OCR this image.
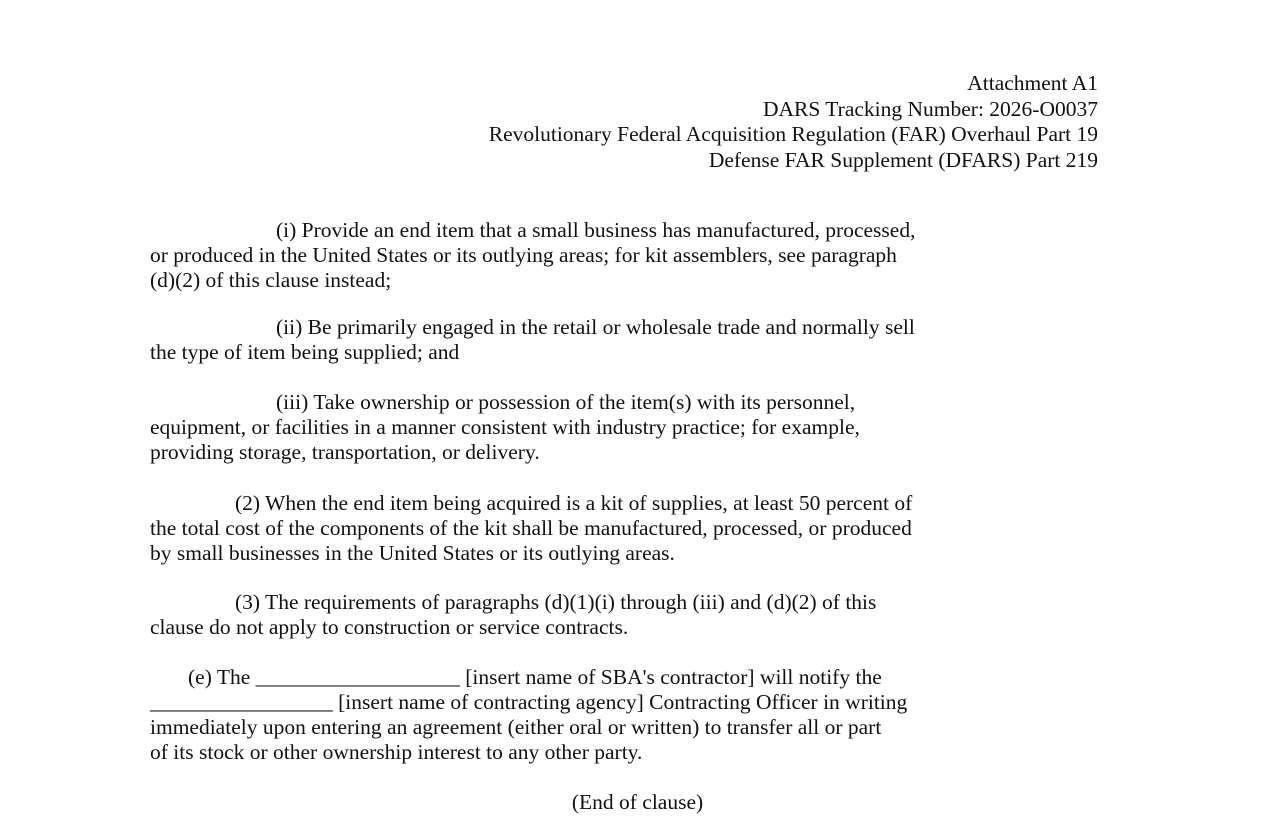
Attachment A1
DARS Tracking Number: 2026-O0037
Revolutionary Federal Acquisition Regulation (FAR) Overhaul Part 19
Defense FAR Supplement (DFARS) Part 219
(i) Provide an end item that a small business has manufactured, processed,
or produced in the United States or its outlying areas; for kit assemblers, see paragraph
(d)(2) of this clause instead;
(ii) Be primarily engaged in the retail or wholesale trade and normally sell
the type of item being supplied; and
(iii) Take ownership or possession of the item(s) with its personnel,
equipment, or facilities in a manner consistent with industry practice; for example,
providing storage, transportation, or delivery.
(2) When the end item being acquired is a kit of supplies, at least 50 percent of
the total cost of the components of the kit shall be manufactured, processed, or produced
by small businesses in the United States or its outlying areas.
(3) The requirements of paragraphs (d)(1)(i) through (iii) and (d)(2) of this
clause do not apply to construction or service contracts.
(e) The ___________________ [insert name of SBA's contractor] will notify the
_________________ [insert name of contracting agency] Contracting Officer in writing
immediately upon entering an agreement (either oral or written) to transfer all or part
of its stock or other ownership interest to any other party.
(End of clause)
